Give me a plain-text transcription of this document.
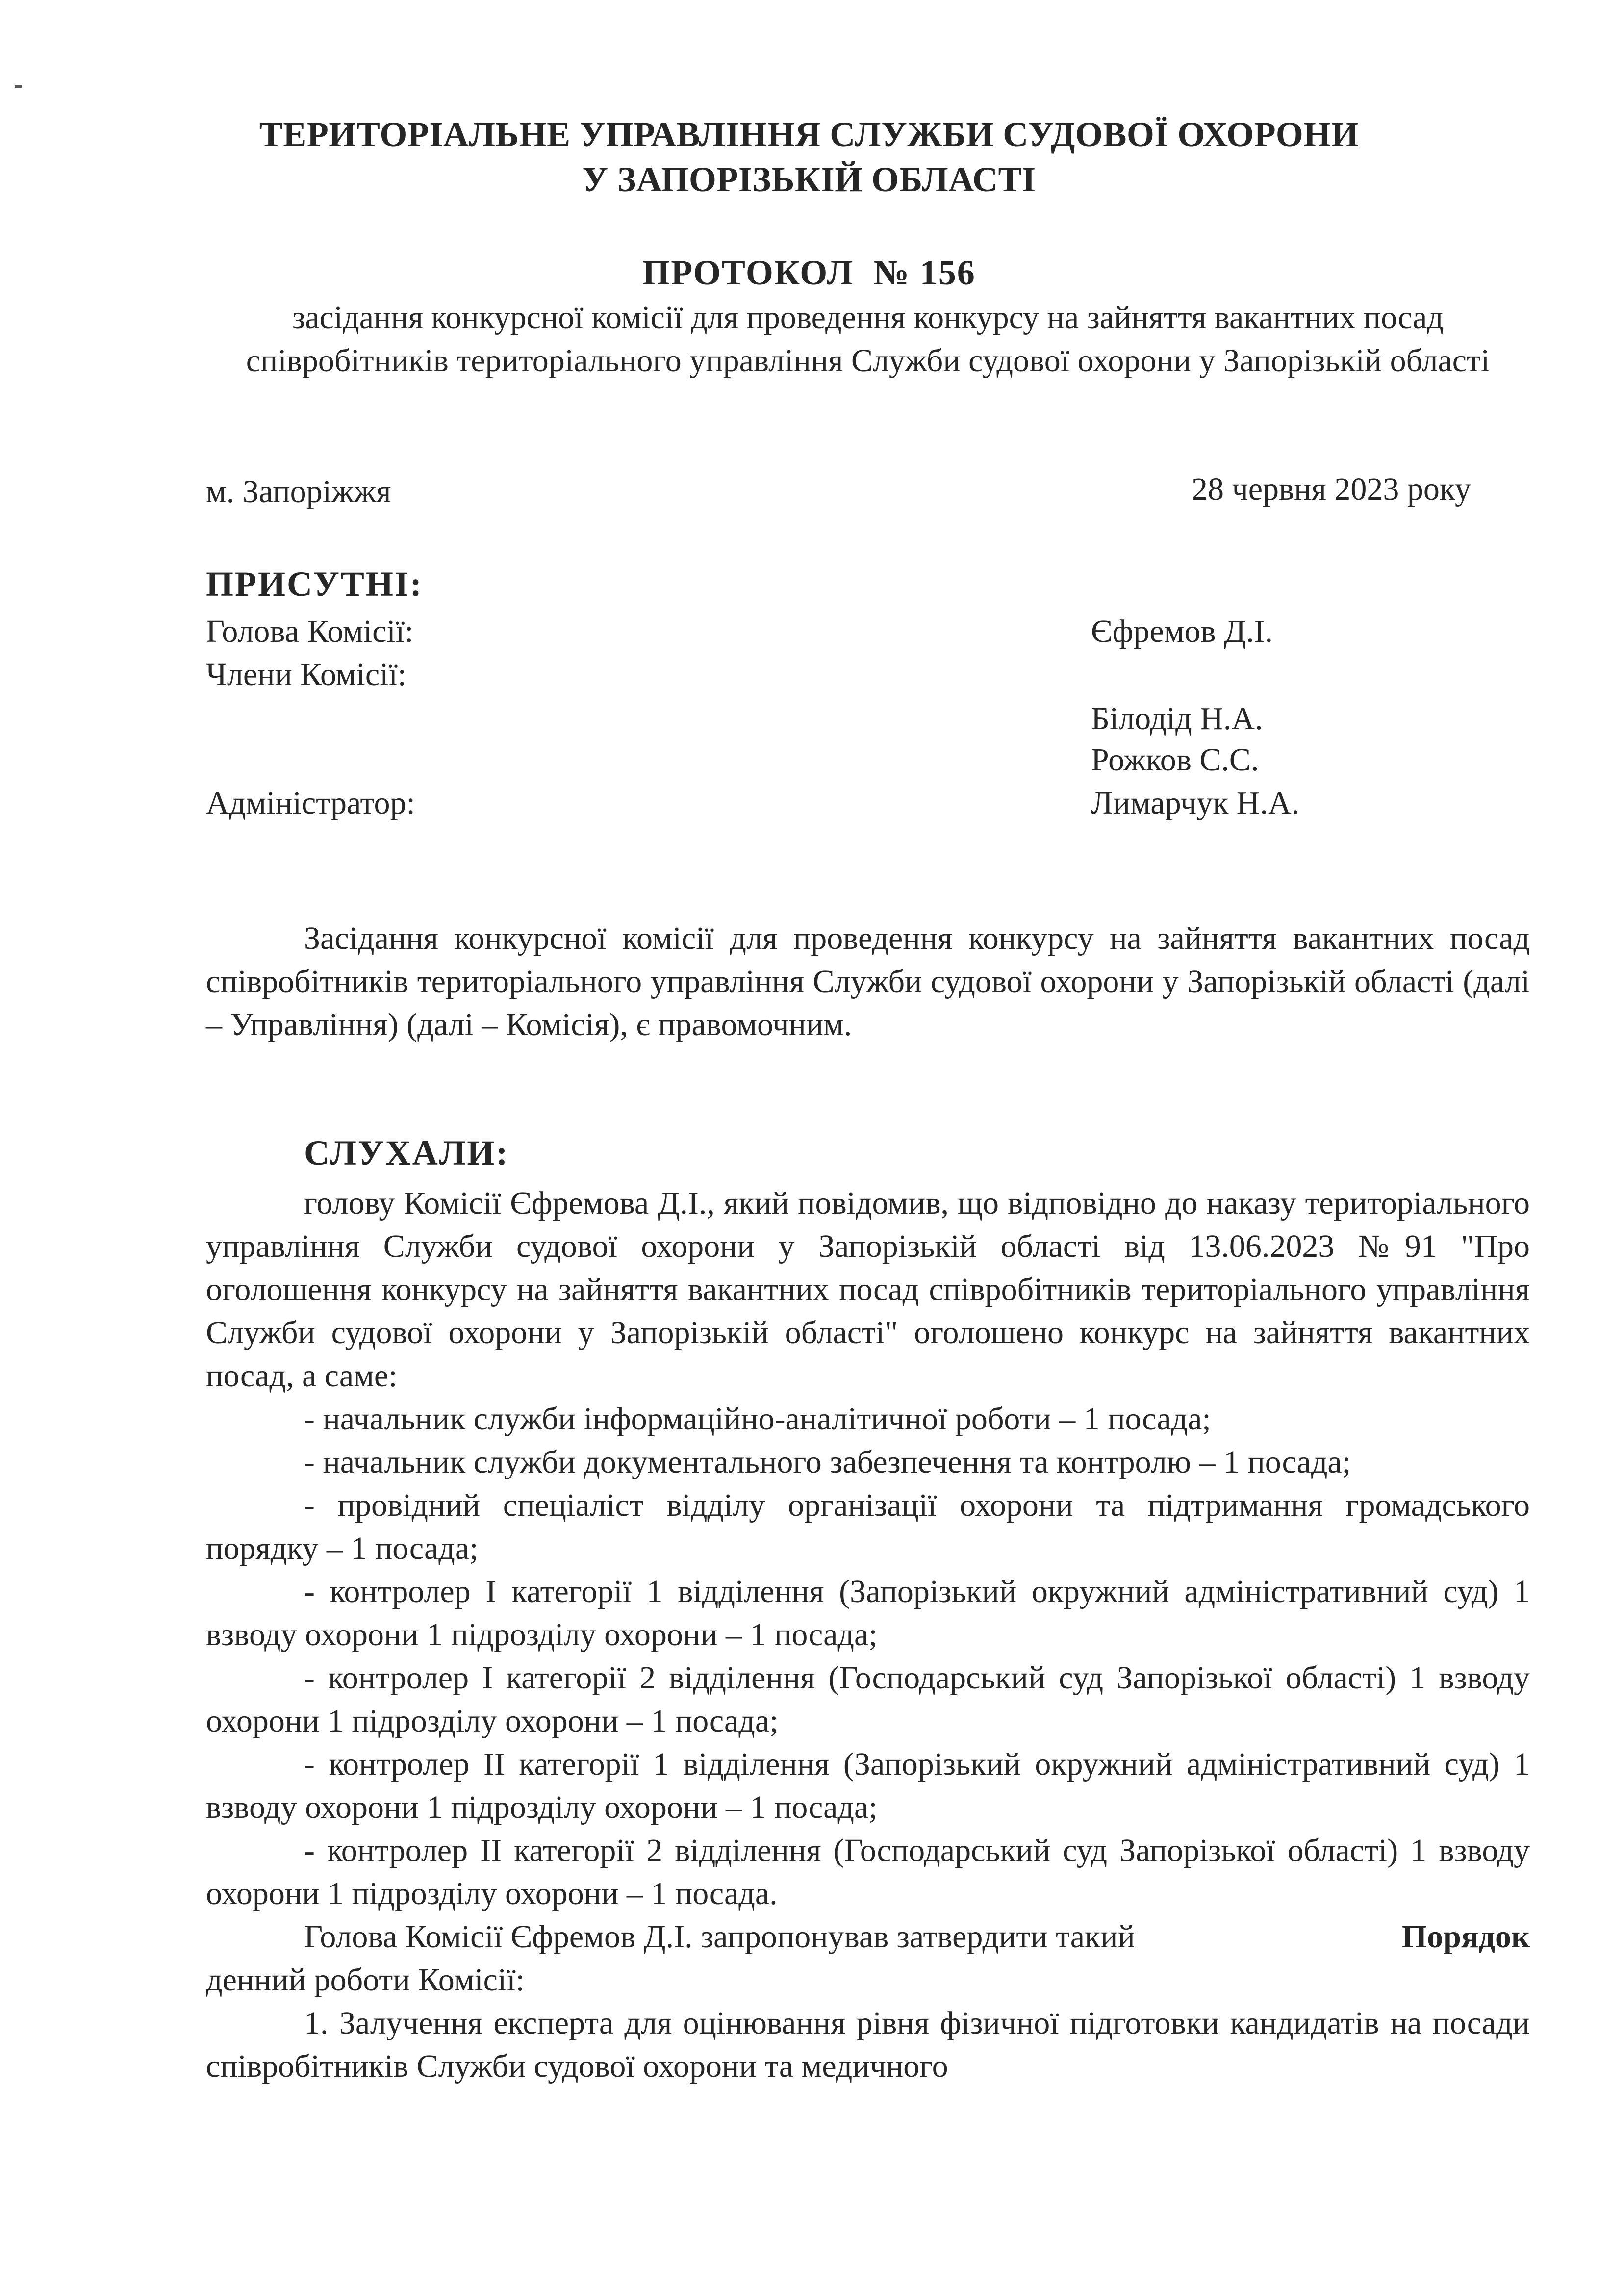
ТЕРИТОРІАЛЬНЕ УПРАВЛІННЯ СЛУЖБИ СУДОВОЇ ОХОРОНИ
У ЗАПОРІЗЬКІЙ ОБЛАСТІ
ПРОТОКОЛ  № 156
засідання конкурсної комісії для проведення конкурсу на зайняття вакантних посад співробітників територіального управління Служби судової охорони у Запорізькій області
м. Запоріжжя	28 червня 2023 року
ПРИСУТНІ:
Голова Комісії:	Єфремов Д.І.
Члени Комісії:
Білодід Н.А.
Рожков С.С.
Адміністратор:	Лимарчук Н.А.

Засідання конкурсної комісії для проведення конкурсу на зайняття вакантних посад співробітників територіального управління Служби судової охорони у Запорізькій області (далі – Управління) (далі – Комісія), є правомочним.

СЛУХАЛИ:

голову Комісії Єфремова Д.І., який повідомив, що відповідно до наказу територіального управління Служби судової охорони у Запорізькій області від 13.06.2023 №91 "Про оголошення конкурсу на зайняття вакантних посад співробітників територіального управління Служби судової охорони у Запорізькій області" оголошено конкурс на зайняття вакантних посад, а саме:

- начальник служби інформаційно-аналітичної роботи – 1 посада;

- начальник служби документального забезпечення та контролю – 1 посада;

- провідний спеціаліст відділу організації охорони та підтримання громадського порядку – 1 посада;

- контролер І категорії 1 відділення (Запорізький окружний адміністративний суд) 1 взводу охорони 1 підрозділу охорони – 1 посада;

- контролер І категорії 2 відділення (Господарський суд Запорізької області) 1 взводу охорони 1 підрозділу охорони – 1 посада;

- контролер ІІ категорії 1 відділення (Запорізький окружний адміністративний суд) 1 взводу охорони 1 підрозділу охорони – 1 посада;

- контролер ІІ категорії 2 відділення (Господарський суд Запорізької області) 1 взводу охорони 1 підрозділу охорони – 1 посада.

Голова Комісії Єфремов Д.І. запропонував затвердити такий	Порядок

денний роботи Комісії:

1. Залучення експерта для оцінювання рівня фізичної підготовки кандидатів на посади співробітників Служби судової охорони та медичного
